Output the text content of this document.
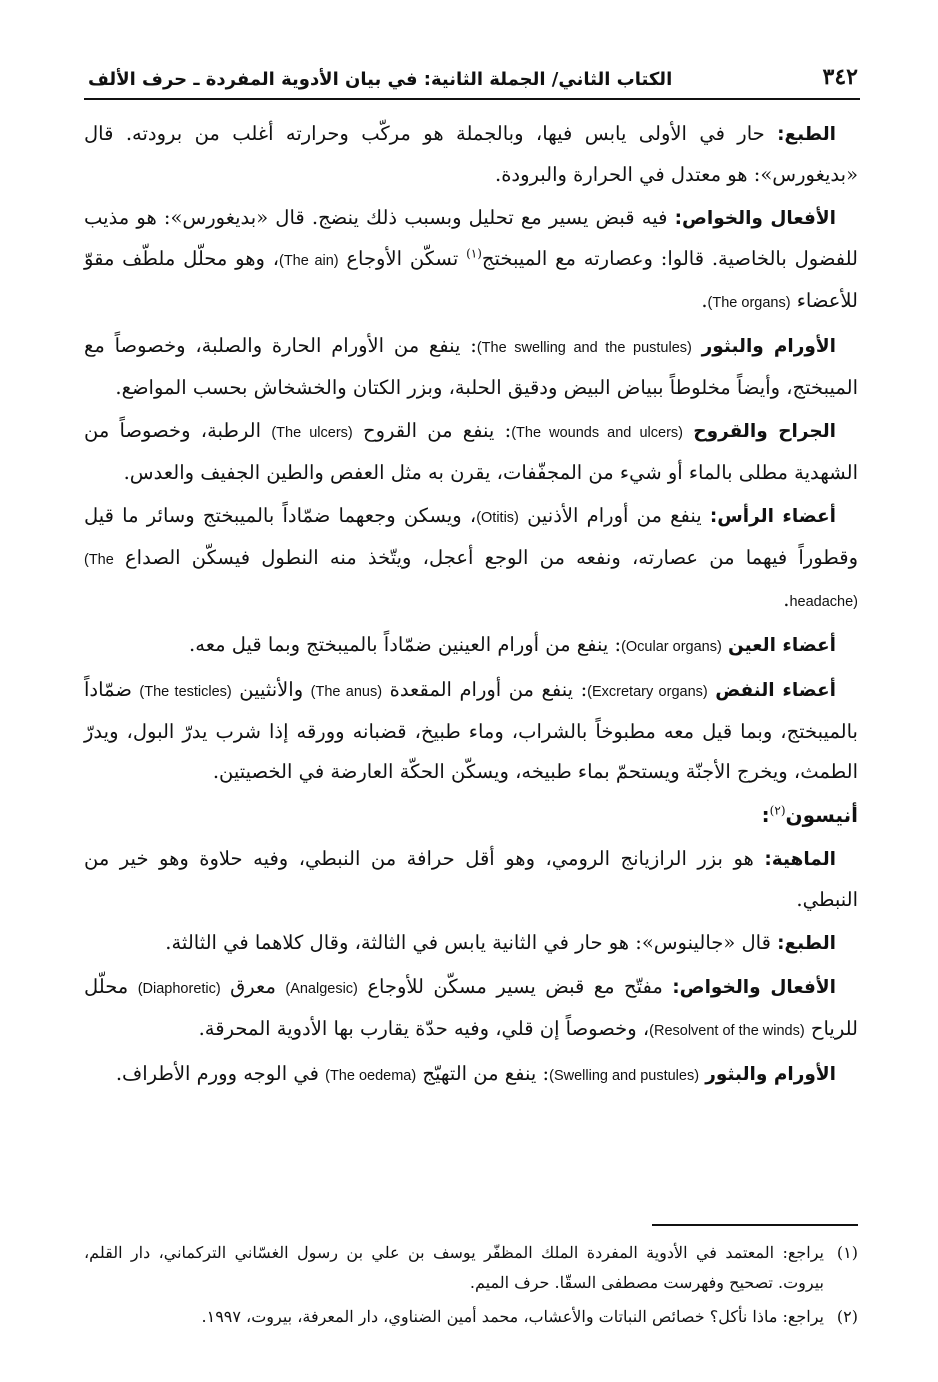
٣٤٢
الكتاب الثاني/ الجملة الثانية: في بيان الأدوية المفردة ـ حرف الألف

الطبع: حار في الأولى يابس فيها، وبالجملة هو مركّب وحرارته أغلب من برودته. قال «بديغورس»: هو معتدل في الحرارة والبرودة.

الأفعال والخواص: فيه قبض يسير مع تحليل وبسبب ذلك ينضج. قال «بديغورس»: هو مذيب للفضول بالخاصية. قالوا: وعصارته مع الميبختج$^{(١)}$ تسكّن الأوجاع (The ain)، وهو محلّل ملطّف مقوّ للأعضاء (The organs).

الأورام والبثور (The swelling and the pustules): ينفع من الأورام الحارة والصلبة، وخصوصاً مع الميبختج، وأيضاً مخلوطاً ببياض البيض ودقيق الحلبة، وبزر الكتان والخشخاش بحسب المواضع.

الجراح والقروح (The wounds and ulcers): ينفع من القروح (The ulcers) الرطبة، وخصوصاً من الشهدية مطلى بالماء أو شيء من المجفّفات، يقرن به مثل العفص والطين الجفيف والعدس.

أعضاء الرأس: ينفع من أورام الأذنين (Otitis)، ويسكن وجعهما ضمّاداً بالميبختج وسائر ما قيل وقطوراً فيهما من عصارته، ونفعه من الوجع أعجل، ويتّخذ منه النطول فيسكّن الصداع (The headache).

أعضاء العين (Ocular organs): ينفع من أورام العينين ضمّاداً بالميبختج وبما قيل معه.

أعضاء النفض (Excretary organs): ينفع من أورام المقعدة (The anus) والأنثيين (The testicles) ضمّاداً بالميبختج، وبما قيل معه مطبوخاً بالشراب، وماء طبيخ، قضبانه وورقه إذا شرب يدرّ البول، ويدرّ الطمث، ويخرج الأجنّة ويستحمّ بماء طبيخه، ويسكّن الحكّة العارضة في الخصيتين.

أنيسون$^{(٢)}$:

الماهية: هو بزر الرازيانج الرومي، وهو أقل حرافة من النبطي، وفيه حلاوة وهو خير من النبطي.

الطبع: قال «جالينوس»: هو حار في الثانية يابس في الثالثة، وقال كلاهما في الثالثة.

الأفعال والخواص: مفتّح مع قبض يسير مسكّن للأوجاع (Analgesic) معرق (Diaphoretic) محلّل للرياح (Resolvent of the winds)، وخصوصاً إن قلي، وفيه حدّة يقارب بها الأدوية المحرقة.

الأورام والبثور (Swelling and pustules): ينفع من التهيّج (The oedema) في الوجه وورم الأطراف.

(١)
يراجع: المعتمد في الأدوية المفردة الملك المظفّر يوسف بن علي بن رسول الغسّاني التركماني، دار القلم، بيروت. تصحيح وفهرست مصطفى السقّا. حرف الميم.
(٢)
يراجع: ماذا نأكل؟ خصائص النباتات والأعشاب، محمد أمين الضناوي، دار المعرفة، بيروت، ١٩٩٧.
